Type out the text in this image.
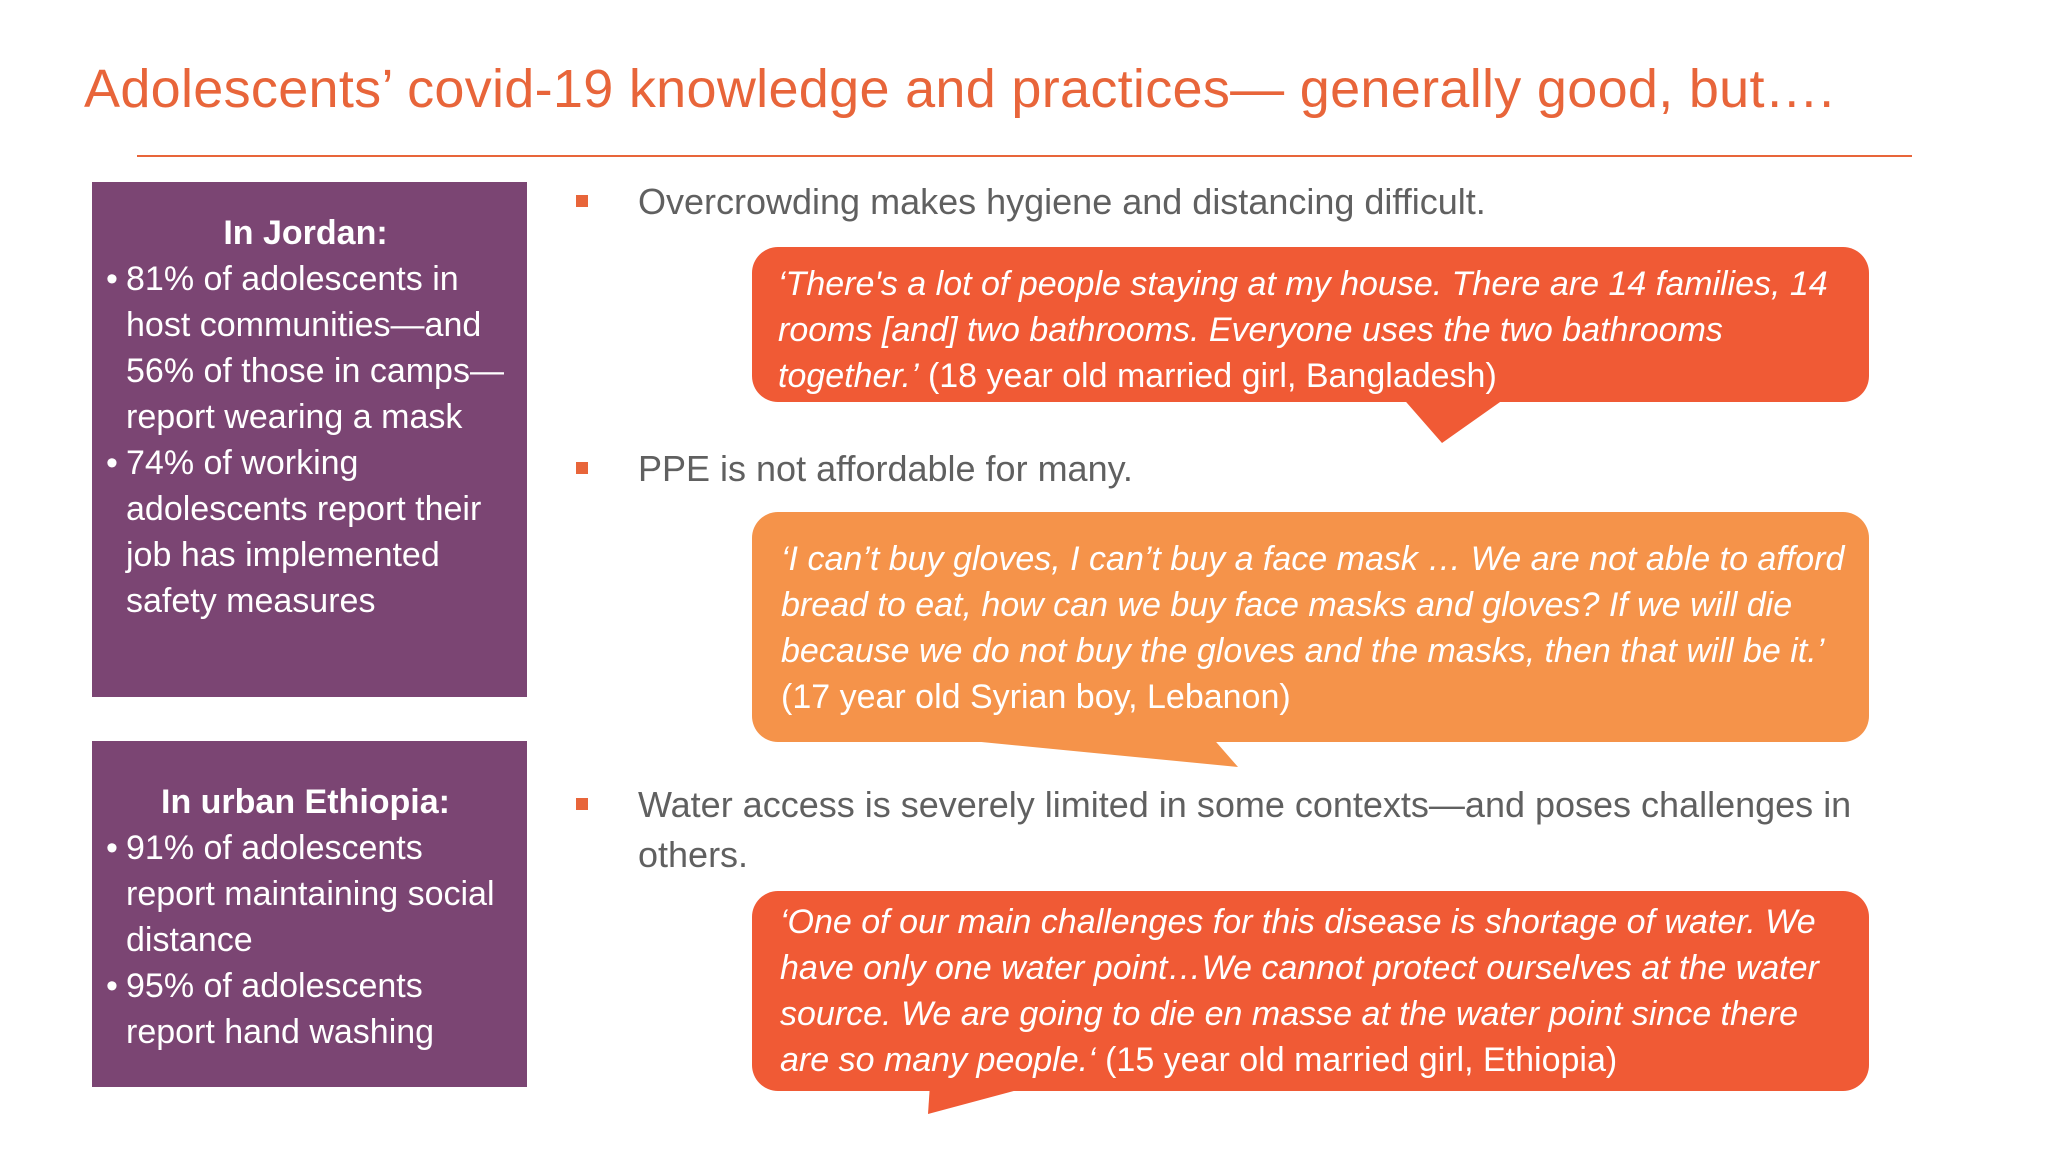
Adolescents’ covid-19 knowledge and practices— generally good, but….
In Jordan:
• 81% of adolescents in host communities—and 56% of those in camps—report wearing a mask
• 74% of working adolescents report their job has implemented safety measures
In urban Ethiopia:
• 91% of adolescents report maintaining social distance
• 95% of adolescents report hand washing
Overcrowding makes hygiene and distancing difficult.
‘There's a lot of people staying at my house. There are 14 families, 14 rooms [and] two bathrooms. Everyone uses the two bathrooms together.’ (18 year old married girl, Bangladesh)
PPE is not affordable for many.
‘I can’t buy gloves, I can’t buy a face mask … We are not able to afford bread to eat, how can we buy face masks and gloves? If we will die because we do not buy the gloves and the masks, then that will be it.’ (17 year old Syrian boy, Lebanon)
Water access is severely limited in some contexts—and poses challenges in others.
‘One of our main challenges for this disease is shortage of water. We have only one water point…We cannot protect ourselves at the water source. We are going to die en masse at the water point since there are so many people.‘ (15 year old married girl, Ethiopia)
